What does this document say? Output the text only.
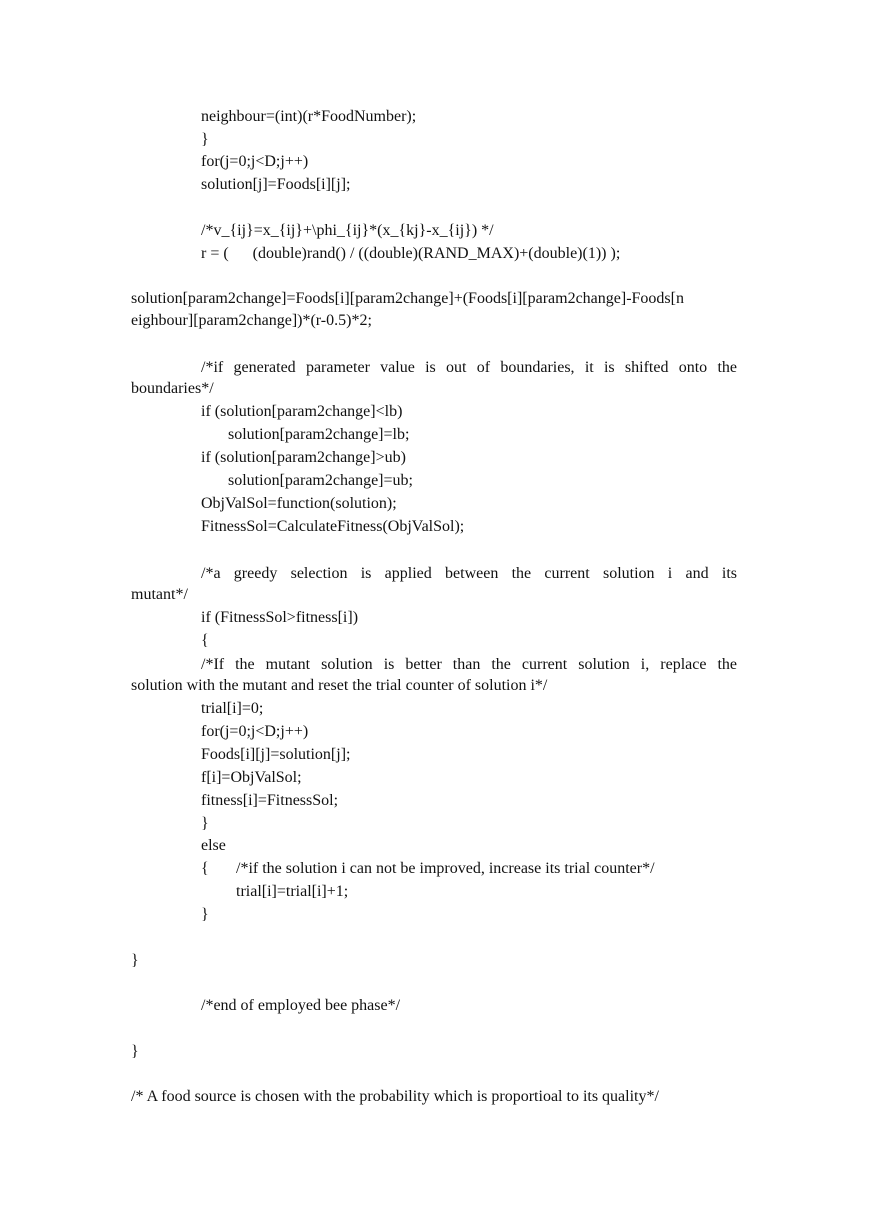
neighbour=(int)(r*FoodNumber);
}
for(j=0;j<D;j++)
solution[j]=Foods[i][j];
/*v_{ij}=x_{ij}+\phi_{ij}*(x_{kj}-x_{ij}) */
r = (      (double)rand() / ((double)(RAND_MAX)+(double)(1)) );
solution[param2change]=Foods[i][param2change]+(Foods[i][param2change]-Foods[n
eighbour][param2change])*(r-0.5)*2;
/*if generated parameter value is out of boundaries, it is shifted onto the
boundaries*/
if (solution[param2change]<lb)
solution[param2change]=lb;
if (solution[param2change]>ub)
solution[param2change]=ub;
ObjValSol=function(solution);
FitnessSol=CalculateFitness(ObjValSol);
/*a greedy selection is applied between the current solution i and its
mutant*/
if (FitnessSol>fitness[i])
{
/*If the mutant solution is better than the current solution i, replace the
solution with the mutant and reset the trial counter of solution i*/
trial[i]=0;
for(j=0;j<D;j++)
Foods[i][j]=solution[j];
f[i]=ObjValSol;
fitness[i]=FitnessSol;
}
else
{ /*if the solution i can not be improved, increase its trial counter*/
trial[i]=trial[i]+1;
}
}
/*end of employed bee phase*/
}
/* A food source is chosen with the probability which is proportioal to its quality*/
